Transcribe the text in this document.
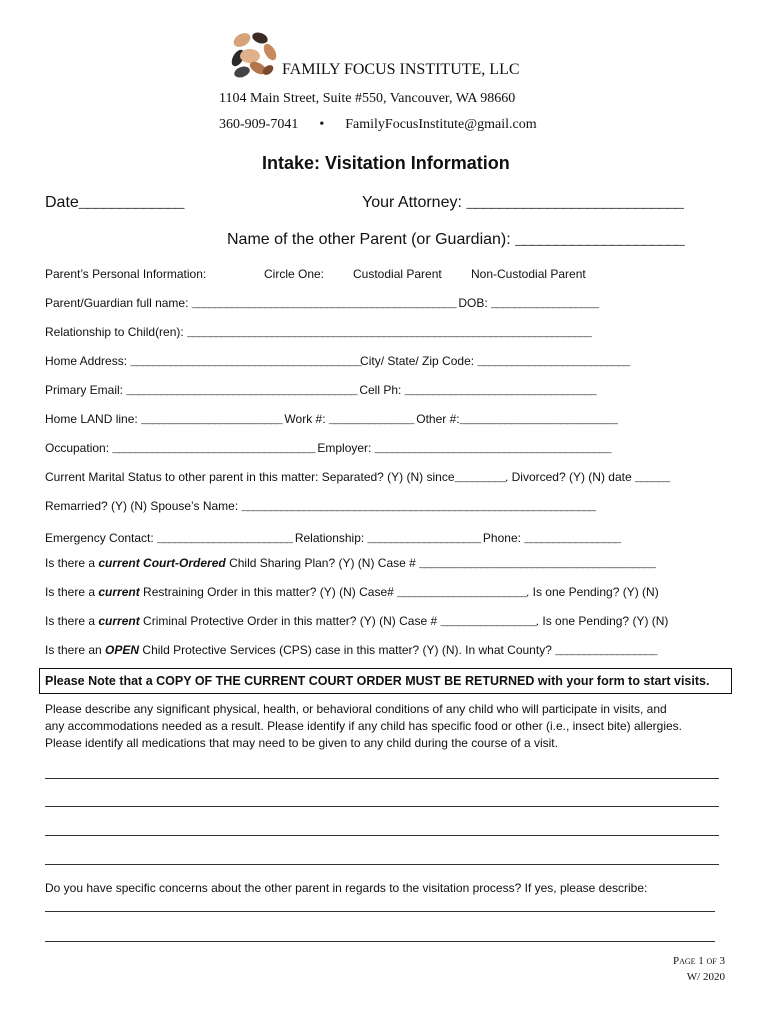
FAMILY FOCUS INSTITUTE, LLC
1104 Main Street, Suite #550, Vancouver, WA 98660
360-909-7041 • FamilyFocusInstitute@gmail.com
Intake: Visitation Information
Date_____________	Your Attorney: ___________________________
Name of the other Parent (or Guardian): _____________________
Parent’s Personal Information:	Circle One: Custodial Parent Non-Custodial Parent
Parent/Guardian full name: _______________________________________________ DOB: ___________________
Relationship to Child(ren): ________________________________________________________________________
Home Address: _________________________________________City/ State/ Zip Code: ___________________________
Primary Email: _________________________________________ Cell Ph: __________________________________
Home LAND line: _________________________ Work #: _______________ Other #:____________________________
Occupation: ____________________________________ Employer: __________________________________________
Current Marital Status to other parent in this matter: Separated? (Y) (N) since_________. Divorced? (Y) (N) date ______
Remarried? (Y) (N) Spouse’s Name: _______________________________________________________________
Emergency Contact: ________________________ Relationship: ____________________ Phone: _________________
Is there a current Court-Ordered Child Sharing Plan? (Y) (N) Case # __________________________________________
Is there a current Restraining Order in this matter? (Y) (N) Case# _______________________. Is one Pending? (Y) (N)
Is there a current Criminal Protective Order in this matter? (Y) (N) Case # _________________. Is one Pending? (Y) (N)
Is there an OPEN Child Protective Services (CPS) case in this matter? (Y) (N). In what County? __________________
Please Note that a COPY OF THE CURRENT COURT ORDER MUST BE RETURNED with your form to start visits.
Please describe any significant physical, health, or behavioral conditions of any child who will participate in visits, and
any accommodations needed as a result. Please identify if any child has specific food or other (i.e., insect bite) allergies.
Please identify all medications that may need to be given to any child during the course of a visit.
Do you have specific concerns about the other parent in regards to the visitation process? If yes, please describe:
Page 1 of 3
W/ 2020
